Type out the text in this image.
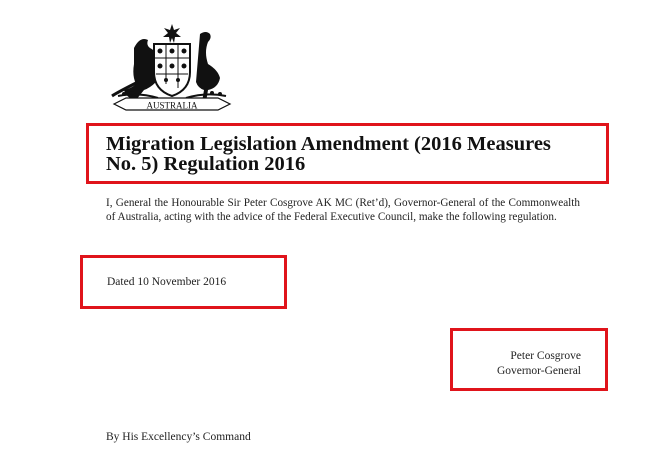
AUSTRALIA
Migration Legislation Amendment (2016 Measures
No. 5) Regulation 2016
I, General the Honourable Sir Peter Cosgrove AK MC (Ret’d), Governor-General of the Commonwealth of Australia, acting with the advice of the Federal Executive Council, make the following regulation.
Dated 10 November 2016
Peter Cosgrove
Governor-General
By His Excellency’s Command
